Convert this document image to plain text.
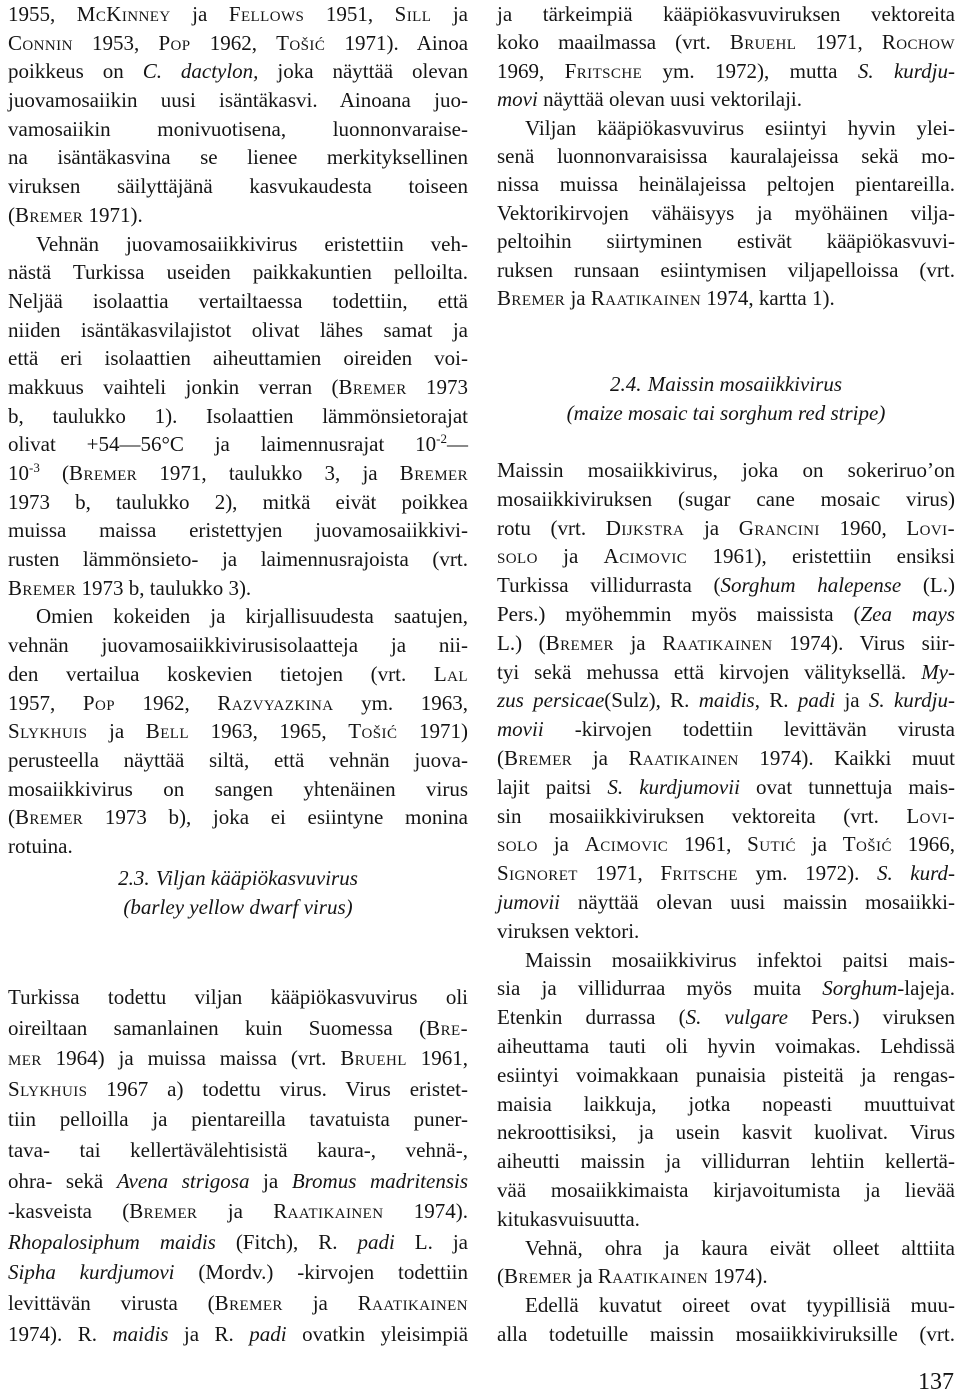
1955, McKinney ja Fellows 1951, Sill ja
Connin 1953, Pop 1962, Tošić 1971). Ainoa
poikkeus on C. dactylon, joka näyttää olevan
juovamosaiikin uusi isäntäkasvi. Ainoana juo-
vamosaiikin monivuotisena, luonnonvaraise-
na isäntäkasvina se lienee merkityksellinen
viruksen säilyttäjänä kasvukaudesta toiseen
(Bremer 1971).
Vehnän juovamosaiikkivirus eristettiin veh-
nästä Turkissa useiden paikkakuntien pelloilta.
Neljää isolaattia vertailtaessa todettiin, että
niiden isäntäkasvilajistot olivat lähes samat ja
että eri isolaattien aiheuttamien oireiden voi-
makkuus vaihteli jonkin verran (Bremer 1973
b, taulukko 1). Isolaattien lämmönsietorajat
olivat +54—56°C ja laimennusrajat $10^{-2}—$
$10^{-3}$ (Bremer 1971, taulukko 3, ja Bremer
1973 b, taulukko 2), mitkä eivät poikkea
muissa maissa eristettyjen juovamosaiikkivi-
rusten lämmönsieto- ja laimennusrajoista (vrt.
Bremer 1973 b, taulukko 3).
Omien kokeiden ja kirjallisuudesta saatujen,
vehnän juovamosaiikkivirusisolaatteja ja nii-
den vertailua koskevien tietojen (vrt. Lal
1957, Pop 1962, Razvyazkina ym. 1963,
Slykhuis ja Bell 1963, 1965, Tošić 1971)
perusteella näyttää siltä, että vehnän juova-
mosaiikkivirus on sangen yhtenäinen virus
(Bremer 1973 b), joka ei esiintyne monina
rotuina.
2.3. Viljan kääpiökasvuvirus
(barley yellow dwarf virus)
Turkissa todettu viljan kääpiökasvuvirus oli
oireiltaan samanlainen kuin Suomessa (Bre-
mer 1964) ja muissa maissa (vrt. Bruehl 1961,
Slykhuis 1967 a) todettu virus. Virus eristet-
tiin pelloilla ja pientareilla tavatuista puner-
tava- tai kellertävälehtisistä kaura-, vehnä-,
ohra- sekä Avena strigosa ja Bromus madritensis
-kasveista (Bremer ja Raatikainen 1974).
Rhopalosiphum maidis (Fitch), R. padi L. ja
Sipha kurdjumovi (Mordv.) -kirvojen todettiin
levittävän virusta (Bremer ja Raatikainen
1974). R. maidis ja R. padi ovatkin yleisimpiä
ja tärkeimpiä kääpiökasvuviruksen vektoreita
koko maailmassa (vrt. Bruehl 1971, Rochow
1969, Fritsche ym. 1972), mutta S. kurdju-
movi näyttää olevan uusi vektorilaji.
Viljan kääpiökasvuvirus esiintyi hyvin ylei-
senä luonnonvaraisissa kauralajeissa sekä mo-
nissa muissa heinälajeissa peltojen pientareilla.
Vektorikirvojen vähäisyys ja myöhäinen vilja-
peltoihin siirtyminen estivät kääpiökasvuvi-
ruksen runsaan esiintymisen viljapelloissa (vrt.
Bremer ja Raatikainen 1974, kartta 1).
2.4. Maissin mosaiikkivirus
(maize mosaic tai sorghum red stripe)
Maissin mosaiikkivirus, joka on sokeriruo’on
mosaiikkiviruksen (sugar cane mosaic virus)
rotu (vrt. Dijkstra ja Grancini 1960, Lovi-
solo ja Acimovic 1961), eristettiin ensiksi
Turkissa villidurrasta (Sorghum halepense (L.)
Pers.) myöhemmin myös maissista (Zea mays
L.) (Bremer ja Raatikainen 1974). Virus siir-
tyi sekä mehussa että kirvojen välityksellä. My-
zus persicae(Sulz), R. maidis, R. padi ja S. kurdju-
movii -kirvojen todettiin levittävän virusta
(Bremer ja Raatikainen 1974). Kaikki muut
lajit paitsi S. kurdjumovii ovat tunnettuja mais-
sin mosaiikkiviruksen vektoreita (vrt. Lovi-
solo ja Acimovic 1961, Sutić ja Tošić 1966,
Signoret 1971, Fritsche ym. 1972). S. kurd-
jumovii näyttää olevan uusi maissin mosaiikki-
viruksen vektori.
Maissin mosaiikkivirus infektoi paitsi mais-
sia ja villidurraa myös muita Sorghum-lajeja.
Etenkin durrassa (S. vulgare Pers.) viruksen
aiheuttama tauti oli hyvin voimakas. Lehdissä
esiintyi voimakkaan punaisia pisteitä ja rengas-
maisia laikkuja, jotka nopeasti muuttuivat
nekroottisiksi, ja usein kasvit kuolivat. Virus
aiheutti maissin ja villidurran lehtiin kellertä-
vää mosaiikkimaista kirjavoitumista ja lievää
kitukasvuisuutta.
Vehnä, ohra ja kaura eivät olleet alttiita
(Bremer ja Raatikainen 1974).
Edellä kuvatut oireet ovat tyypillisiä muu-
alla todetuille maissin mosaiikkiviruksille (vrt.
137
